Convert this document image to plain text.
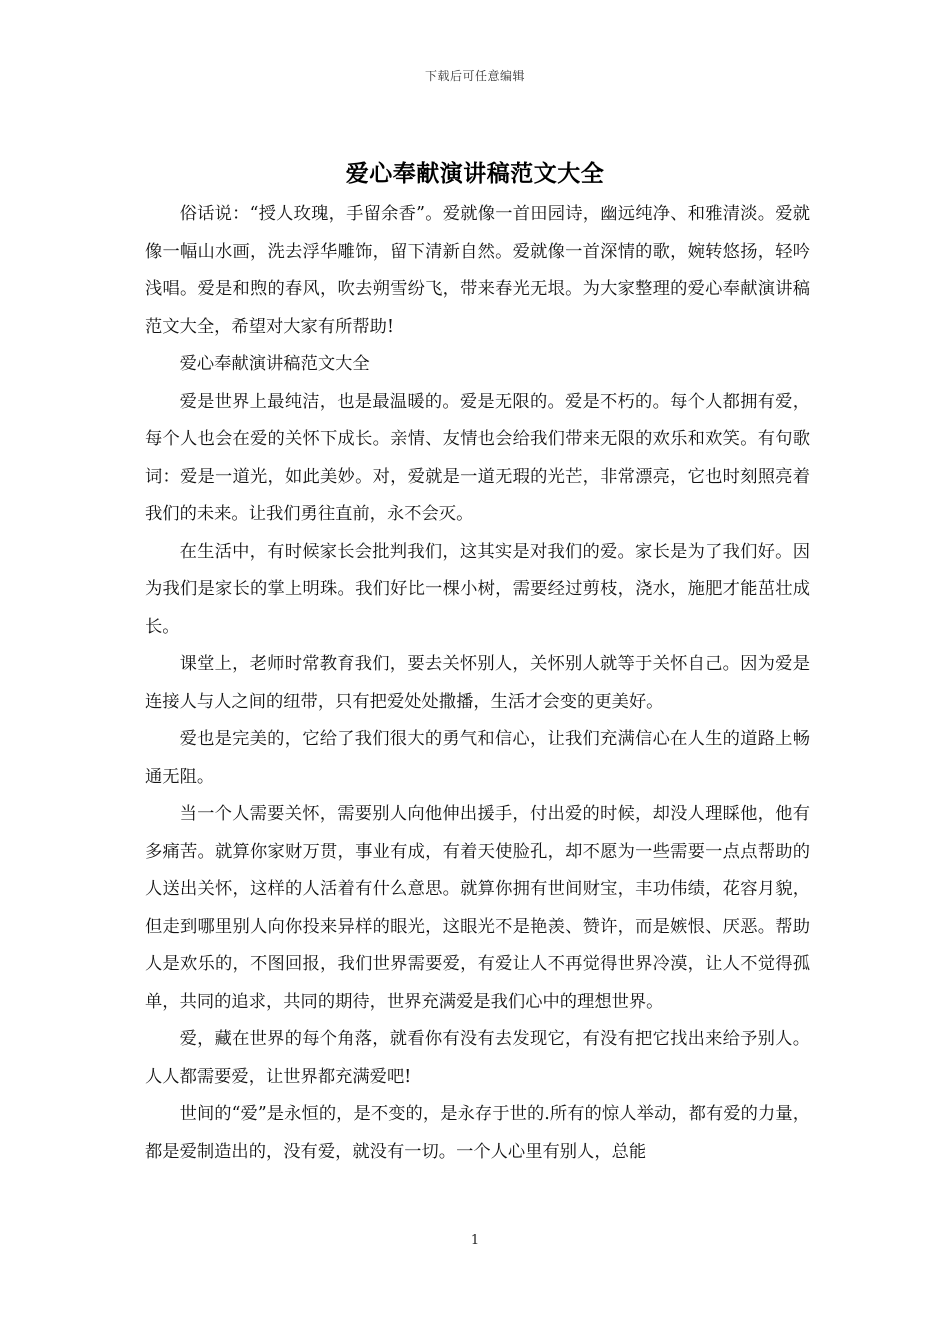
下载后可任意编辑
爱心奉献演讲稿范文大全

俗话说：“授人玫瑰，手留余香”。爱就像一首田园诗，幽远纯净、和雅清淡。爱就像一幅山水画，洗去浮华雕饰，留下清新自然。爱就像一首深情的歌，婉转悠扬，轻吟浅唱。爱是和煦的春风，吹去朔雪纷飞，带来春光无垠。为大家整理的爱心奉献演讲稿范文大全，希望对大家有所帮助!

爱心奉献演讲稿范文大全

爱是世界上最纯洁，也是最温暖的。爱是无限的。爱是不朽的。每个人都拥有爱，每个人也会在爱的关怀下成长。亲情、友情也会给我们带来无限的欢乐和欢笑。有句歌词：爱是一道光，如此美妙。对，爱就是一道无瑕的光芒，非常漂亮，它也时刻照亮着我们的未来。让我们勇往直前，永不会灭。

在生活中，有时候家长会批判我们，这其实是对我们的爱。家长是为了我们好。因为我们是家长的掌上明珠。我们好比一棵小树，需要经过剪枝，浇水，施肥才能茁壮成长。

课堂上，老师时常教育我们，要去关怀别人，关怀别人就等于关怀自己。因为爱是连接人与人之间的纽带，只有把爱处处撒播，生活才会变的更美好。

爱也是完美的，它给了我们很大的勇气和信心，让我们充满信心在人生的道路上畅通无阻。

当一个人需要关怀，需要别人向他伸出援手，付出爱的时候，却没人理睬他，他有多痛苦。就算你家财万贯，事业有成，有着天使脸孔，却不愿为一些需要一点点帮助的人送出关怀，这样的人活着有什么意思。就算你拥有世间财宝，丰功伟绩，花容月貌，但走到哪里别人向你投来异样的眼光，这眼光不是艳羡、赞许，而是嫉恨、厌恶。帮助人是欢乐的，不图回报，我们世界需要爱，有爱让人不再觉得世界冷漠，让人不觉得孤单，共同的追求，共同的期待，世界充满爱是我们心中的理想世界。

爱，藏在世界的每个角落，就看你有没有去发现它，有没有把它找出来给予别人。人人都需要爱，让世界都充满爱吧!

世间的“爱”是永恒的，是不变的，是永存于世的.所有的惊人举动，都有爱的力量，都是爱制造出的，没有爱，就没有一切。一个人心里有别人，总能

1
